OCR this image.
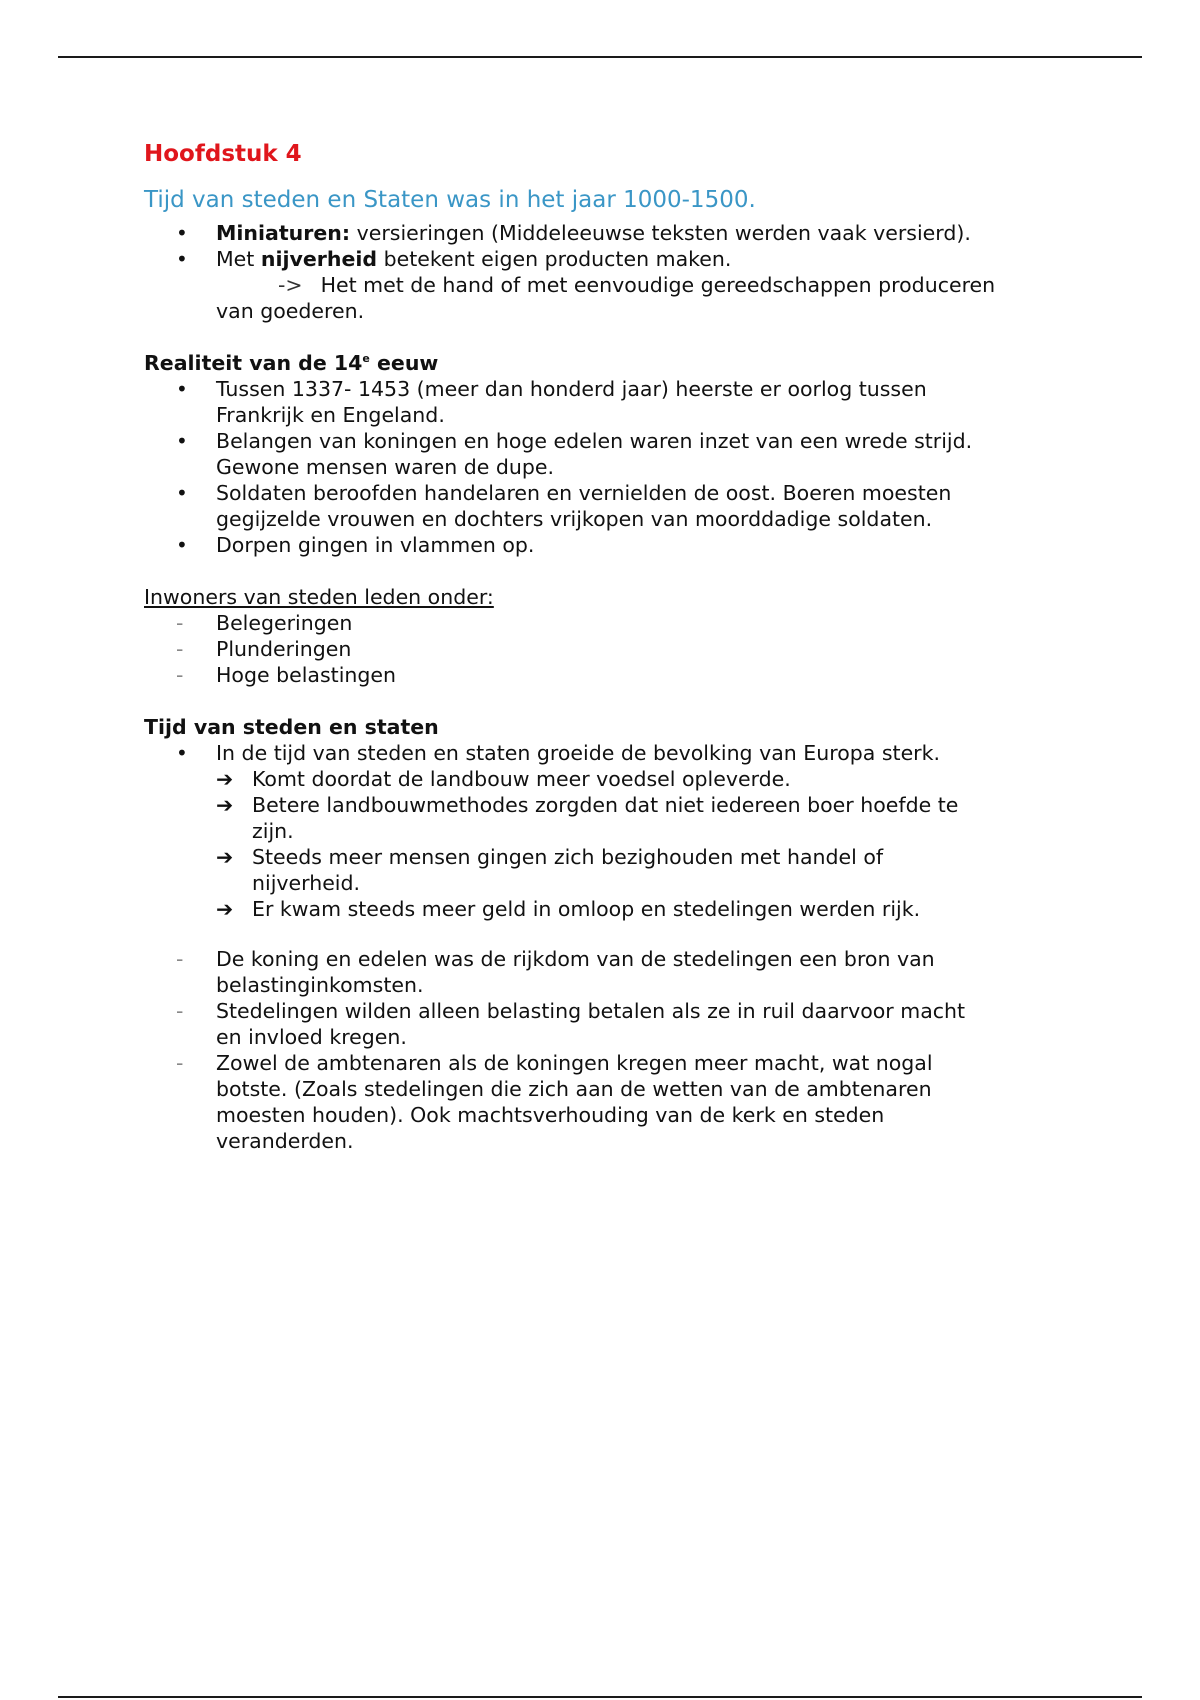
Hoofdstuk 4
Tijd van steden en Staten was in het jaar 1000-1500.
•	Miniaturen: versieringen (Middeleeuwse teksten werden vaak versierd).
•	Met nijverheid betekent eigen producten maken.
-> Het met de hand of met eenvoudige gereedschappen produceren
van goederen.
Realiteit van de 14e eeuw
•	Tussen 1337- 1453 (meer dan honderd jaar) heerste er oorlog tussen
Frankrijk en Engeland.
•	Belangen van koningen en hoge edelen waren inzet van een wrede strijd.
Gewone mensen waren de dupe.
•	Soldaten beroofden handelaren en vernielden de oost. Boeren moesten
gegijzelde vrouwen en dochters vrijkopen van moorddadige soldaten.
•	Dorpen gingen in vlammen op.
Inwoners van steden leden onder:
-	Belegeringen
-	Plunderingen
-	Hoge belastingen
Tijd van steden en staten
•	In de tijd van steden en staten groeide de bevolking van Europa sterk.
➔ Komt doordat de landbouw meer voedsel opleverde.
➔ Betere landbouwmethodes zorgden dat niet iedereen boer hoefde te
zijn.
➔ Steeds meer mensen gingen zich bezighouden met handel of
nijverheid.
➔ Er kwam steeds meer geld in omloop en stedelingen werden rijk.
-	De koning en edelen was de rijkdom van de stedelingen een bron van
belastinginkomsten.
-	Stedelingen wilden alleen belasting betalen als ze in ruil daarvoor macht
en invloed kregen.
-	Zowel de ambtenaren als de koningen kregen meer macht, wat nogal
botste. (Zoals stedelingen die zich aan de wetten van de ambtenaren
moesten houden). Ook machtsverhouding van de kerk en steden
veranderden.
